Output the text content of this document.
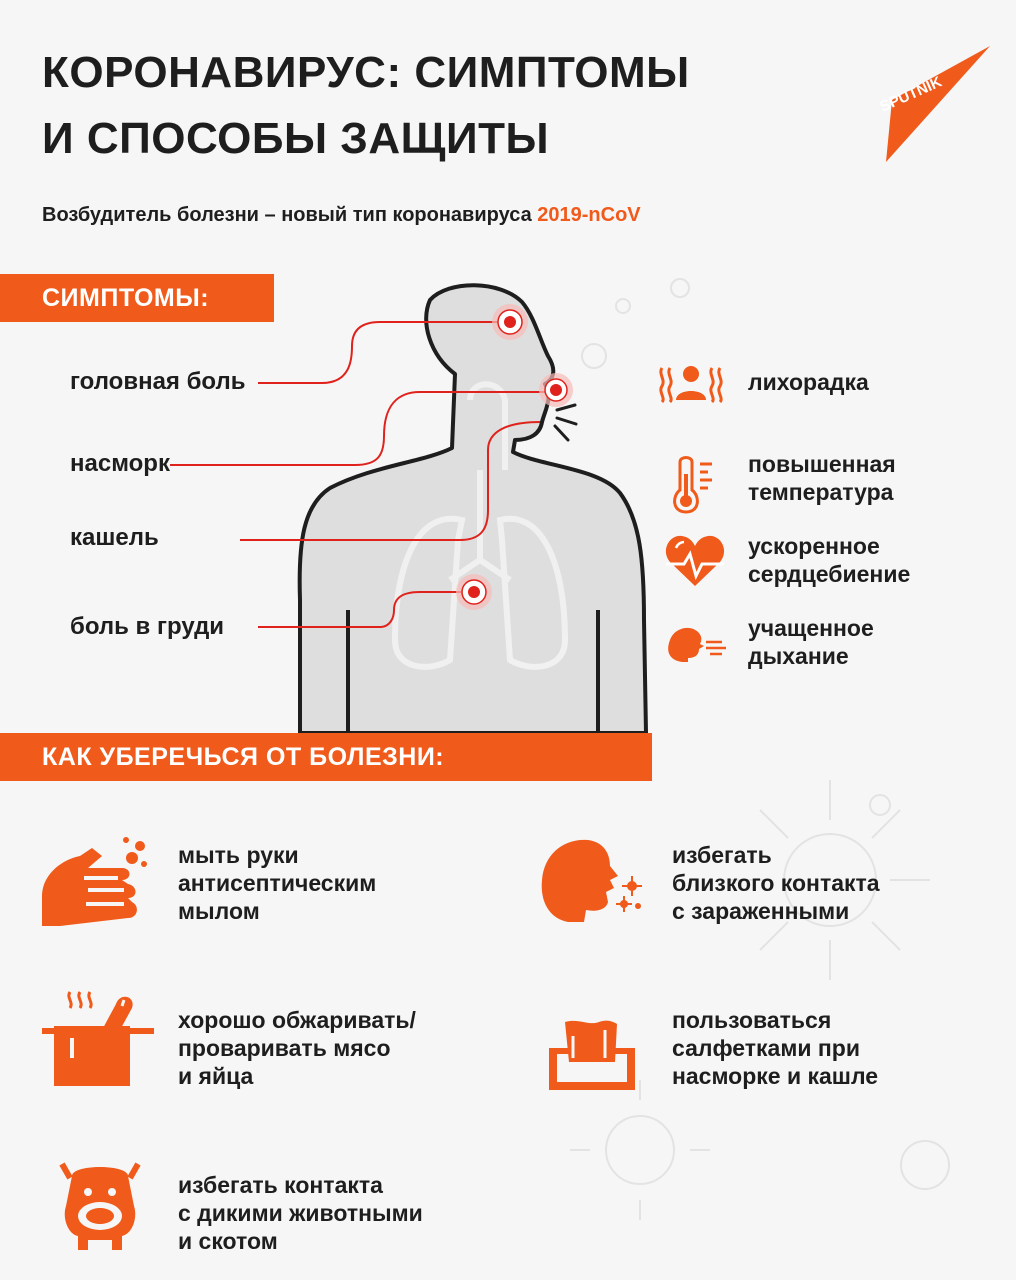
КОРОНАВИРУС: СИМПТОМЫ
И СПОСОБЫ ЗАЩИТЫ
SPUTNIK
Возбудитель болезни – новый тип коронавируса 2019-nCoV
СИМПТОМЫ:
головная боль
насморк
кашель
боль в груди
лихорадка
повышенная
температура
ускоренное
сердцебиение
учащенное
дыхание
КАК УБЕРЕЧЬСЯ ОТ БОЛЕЗНИ:
мыть руки
антисептическим
мылом
избегать
близкого контакта
с зараженными
хорошо обжаривать/
проваривать мясо
и яйца
пользоваться
салфетками при
насморке и кашле
избегать контакта
с дикими животными
и скотом
